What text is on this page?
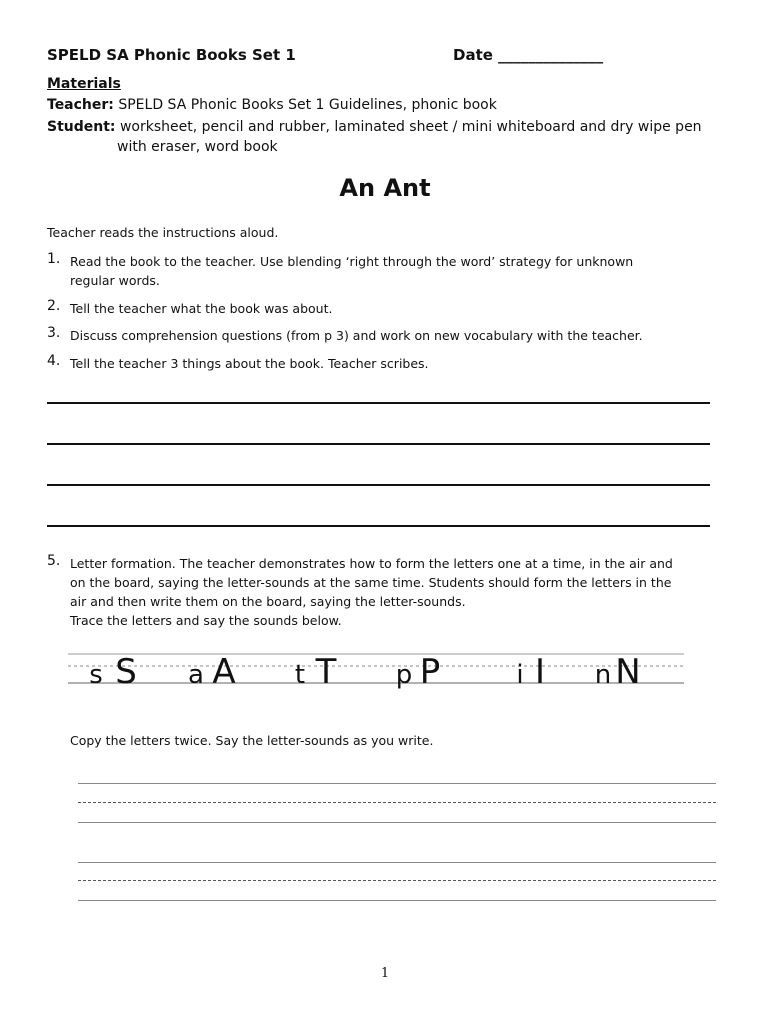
SPELD SA Phonic Books Set 1	Date ______________
Materials
Teacher: SPELD SA Phonic Books Set 1 Guidelines, phonic book
Student: worksheet, pencil and rubber, laminated sheet / mini whiteboard and dry wipe pen
with eraser, word book
An Ant
Teacher reads the instructions aloud.
1. Read the book to the teacher. Use blending ‘right through the word’ strategy for unknown
regular words.
2. Tell the teacher what the book was about.
3. Discuss comprehension questions (from p 3) and work on new vocabulary with the teacher.
4. Tell the teacher 3 things about the book. Teacher scribes.
5. Letter formation. The teacher demonstrates how to form the letters one at a time, in the air and
on the board, saying the letter-sounds at the same time. Students should form the letters in the
air and then write them on the board, saying the letter-sounds.
Trace the letters and say the sounds below.
s S a A t T p P	i I n N
Copy the letters twice. Say the letter-sounds as you write.
1
